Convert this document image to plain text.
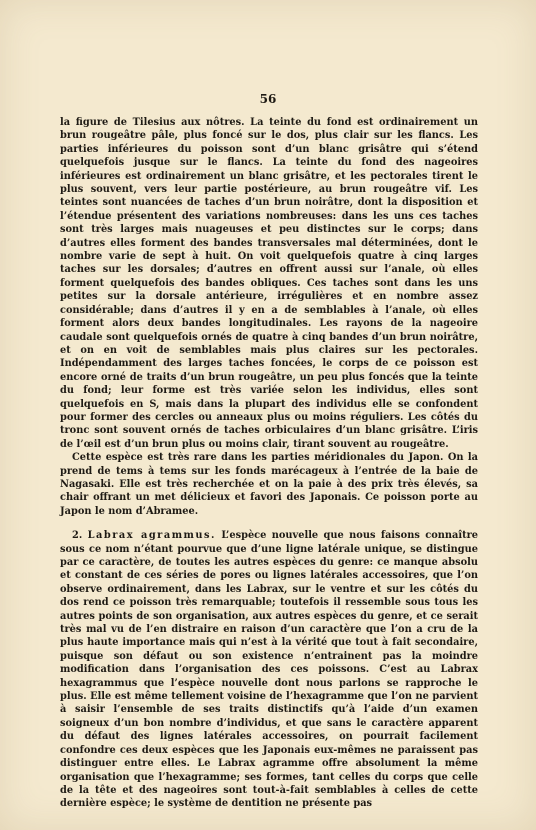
56

la figure de Tilesius aux nôtres. La teinte du fond est ordinairement un brun rougeâtre pâle, plus foncé sur le dos, plus clair sur les flancs. Les parties inférieures du poisson sont d’un blanc grisâtre qui s’étend quelquefois jusque sur le flancs. La teinte du fond des nageoires inférieures est ordinairement un blanc grisâtre, et les pectorales tirent le plus souvent, vers leur partie postérieure, au brun rougeâtre vif. Les teintes sont nuancées de taches d’un brun noirâtre, dont la disposition et l’étendue présentent des variations nombreuses: dans les uns ces taches sont très larges mais nuageuses et peu distinctes sur le corps; dans d’autres elles forment des bandes transversales mal déterminées, dont le nombre varie de sept à huit. On voit quelquefois quatre à cinq larges taches sur les dorsales; d’autres en offrent aussi sur l’anale, où elles forment quelquefois des bandes obliques. Ces taches sont dans les uns petites sur la dorsale antérieure, irrégulières et en nombre assez considérable; dans d’autres il y en a de semblables à l’anale, où elles forment alors deux bandes longitudinales. Les rayons de la nageoire caudale sont quelquefois ornés de quatre à cinq bandes d’un brun noirâtre, et on en voit de semblables mais plus claires sur les pectorales. Indépendamment des larges taches foncées, le corps de ce poisson est encore orné de traits d’un brun rougeâtre, un peu plus foncés que la teinte du fond; leur forme est très variée selon les individus, elles sont quelquefois en S, mais dans la plupart des individus elle se confondent pour former des cercles ou anneaux plus ou moins réguliers. Les côtés du tronc sont souvent ornés de taches orbiculaires d’un blanc grisâtre. L’iris de l’œil est d’un brun plus ou moins clair, tirant souvent au rougeâtre.

Cette espèce est très rare dans les parties méridionales du Japon. On la prend de tems à tems sur les fonds marécageux à l’entrée de la baie de Nagasaki. Elle est très recherchée et on la paie à des prix très élevés, sa chair offrant un met délicieux et favori des Japonais. Ce poisson porte au Japon le nom d’Abramee.

2. Labrax agrammus. L’espèce nouvelle que nous faisons connaître sous ce nom n’étant pourvue que d’une ligne latérale unique, se distingue par ce caractère, de toutes les autres espèces du genre: ce manque absolu et constant de ces séries de pores ou lignes latérales accessoires, que l’on observe ordinairement, dans les Labrax, sur le ventre et sur les côtés du dos rend ce poisson très remarquable; toutefois il ressemble sous tous les autres points de son organisation, aux autres espèces du genre, et ce serait très mal vu de l’en distraire en raison d’un caractère que l’on a cru de la plus haute importance mais qui n’est à la vérité que tout à fait secondaire, puisque son défaut ou son existence n’entrainent pas la moindre modification dans l’organisation des ces poissons. C’est au Labrax hexagrammus que l’espèce nouvelle dont nous parlons se rapproche le plus. Elle est même tellement voisine de l’hexagramme que l’on ne parvient à saisir l’ensemble de ses traits distinctifs qu’à l’aide d’un examen soigneux d’un bon nombre d’individus, et que sans le caractère apparent du défaut des lignes latérales accessoires, on pourrait facilement confondre ces deux espèces que les Japonais eux-mêmes ne paraissent pas distinguer entre elles. Le Labrax agramme offre absolument la même organisation que l’hexagramme; ses formes, tant celles du corps que celle de la tête et des nageoires sont tout-à-fait semblables à celles de cette dernière espèce; le système de dentition ne présente pas
